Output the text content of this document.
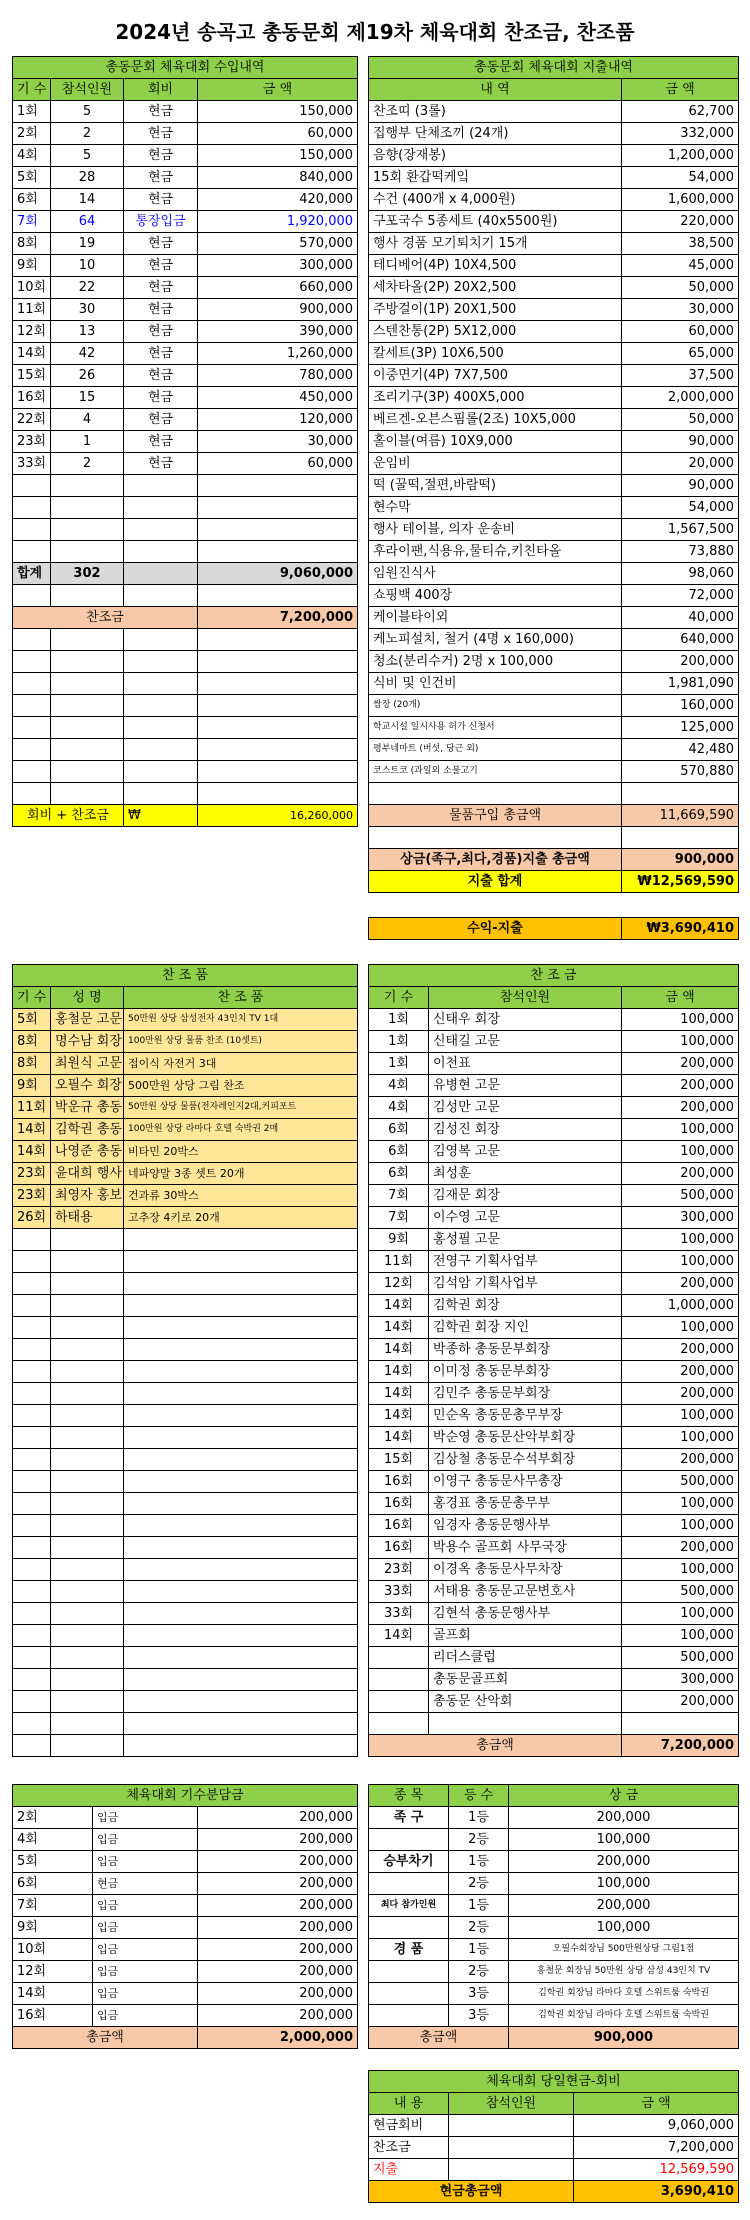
2024년 송곡고 총동문회 제19차 체육대회 찬조금, 찬조품
총동문회 체육대회 수입내역			
기 수	참석인원	회비	금 액
1회	5	현금	150,000
2회	2	현금	60,000
4회	5	현금	150,000
5회	28	현금	840,000
6회	14	현금	420,000
7회	64	통장입금	1,920,000
8회	19	현금	570,000
9회	10	현금	300,000
10회	22	현금	660,000
11회	30	현금	900,000
12회	13	현금	390,000
14회	42	현금	1,260,000
15회	26	현금	780,000
16회	15	현금	450,000
22회	4	현금	120,000
23회	1	현금	30,000
33회	2	현금	60,000

합계	302		9,060,000

찬조금			7,200,000

회비 + 찬조금		₩	16,260,000
총동문회 체육대회 지출내역	
내 역	금 액
찬조띠 (3롤)	62,700
집행부 단체조끼 (24개)	332,000
음향(장재봉)	1,200,000
15회 환갑떡케잌	54,000
수건 (400개 x 4,000원)	1,600,000
구포국수 5종세트 (40x5500원)	220,000
행사 경품 모기퇴치기 15개	38,500
테디베어(4P) 10X4,500	45,000
세차타올(2P) 20X2,500	50,000
주방걸이(1P) 20X1,500	30,000
스텐찬통(2P) 5X12,000	60,000
칼세트(3P) 10X6,500	65,000
이중면기(4P) 7X7,500	37,500
조리기구(3P) 400X5,000	2,000,000
베르겐-오븐스핌롤(2조) 10X5,000	50,000
홀이블(여름) 10X9,000	90,000
운임비	20,000
떡 (꿀떡,절편,바람떡)	90,000
현수막	54,000
행사 테이블, 의자 운송비	1,567,500
후라이팬,식용유,물티슈,키친타올	73,880
임원진식사	98,060
쇼핑백 400장	72,000
케이블타이외	40,000
케노피설치, 철거 (4명 x 160,000)	640,000
청소(분리수거) 2명 x 100,000	200,000
식비 및 인건비	1,981,090
쌈장 (20개)	160,000
학교시설 일시사용 허가 신청서	125,000
평부네마트 (버섯, 당근 외)	42,480
코스트코 (과일외 소불고기	570,880

물품구입 총금액	11,669,590

상금(족구,최다,경품)지출 총금액	900,000
지출 합계	₩12,569,590
수익-지출	₩3,690,410
찬 조 품		
기 수	성 명	찬 조 품
5회	홍철문 고문	50만원 상당 삼성전자 43인치 TV 1대
8회	명수남 회장	100만원 상당 물품 찬조 (10셋트)
8회	최원식 고문	접이식 자전거 3대
9회	오필수 회장	500만원 상당 그림 찬조
11회	박운규 총동	50만원 상당 물품(전자레인지2대,커피포트
14회	김학권 총동	100만원 상당 라마다 호텔 숙박권 2매
14회	나영준 총동	비타민 20박스
23회	윤대희 행사	네파양말 3종 셋트 20개
23회	최영자 홍보	건과류 30박스
26회	하태용	고추장 4키로 20개

찬 조 금		
기 수	참석인원	금 액
1회	신태우 회장	100,000
1회	신태길 고문	100,000
1회	이천표	200,000
4회	유병현 고문	200,000
4회	김성만 고문	200,000
6회	김성진 회장	100,000
6회	김영복 고문	100,000
6회	최성훈	200,000
7회	김재문 회장	500,000
7회	이수영 고문	300,000
9회	홍성필 고문	100,000
11회	전영구 기획사업부	100,000
12회	김석암 기획사업부	200,000
14회	김학권 회장	1,000,000
14회	김학권 회장 지인	100,000
14회	박종하 총동문부회장	200,000
14회	이미정 총동문부회장	200,000
14회	김민주 총동문부회장	200,000
14회	민순옥 총동문총무부장	100,000
14회	박순영 총동문산악부회장	100,000
15회	김상철 총동문수석부회장	200,000
16회	이영구 총동문사무총장	500,000
16회	홍경표 총동문총무부	100,000
16회	임경자 총동문행사부	100,000
16회	박용수 골프회 사무국장	200,000
23회	이경옥 총동문사무차장	100,000
33회	서태용 총동문고문변호사	500,000
33회	김현석 총동문행사부	100,000
14회	골프회	100,000
	리더스클럽	500,000
	총동문골프회	300,000
	총동문 산악회	200,000

총금액		7,200,000
체육대회 기수분담금		
2회	입금	200,000
4회	입금	200,000
5회	입금	200,000
6회	현금	200,000
7회	입금	200,000
9회	입금	200,000
10회	입금	200,000
12회	입금	200,000
14회	입금	200,000
16회	입금	200,000
총금액		2,000,000
종 목	등 수	상 금
족 구	1등	200,000
	2등	100,000
승부차기	1등	200,000
	2등	100,000
최다 참가인원	1등	200,000
	2등	100,000
경 품	1등	오필수회장님 500만원상당 그림1점
	2등	홍철문 회장님 50만원 상당 삼성 43인치 TV
	3등	김학권 회장님 라마다 호텔 스위트룸 숙박권
	3등	김학권 회장님 라마다 호텔 스위트룸 숙박권
총금액		900,000
체육대회 당일현금-회비		
내 용	참석인원	금 액
현금회비		9,060,000
찬조금		7,200,000
지출		12,569,590
현금총금액		3,690,410
